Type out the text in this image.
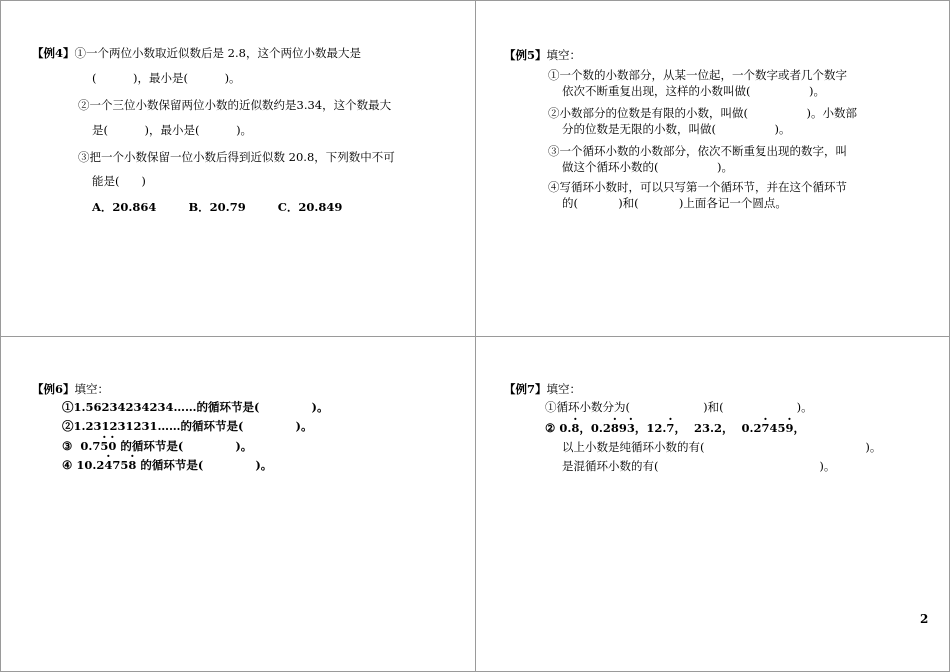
【例4】①一个两位小数取近似数后是 2.8，这个两位小数最大是
(          )，最小是(          )。
②一个三位小数保留两位小数的近似数约是3.34，这个数最大
是(          )，最小是(          )。
③把一个小数保留一位小数后得到近似数 20.8，下列数中不可
能是(      )
A．20.864        B．20.79        C．20.849
【例5】填空：
①一个数的小数部分，从某一位起，一个数字或者几个数字
依次不断重复出现，这样的小数叫做(                )。
②小数部分的位数是有限的小数，叫做(                )。小数部
分的位数是无限的小数，叫做(                )。
③一个循环小数的小数部分，依次不断重复出现的数字，叫
做这个循环小数的(                )。
④写循环小数时，可以只写第一个循环节，并在这个循环节
的(           )和(           )上面各记一个圆点。
【例6】填空：
①1.56234234234……的循环节是(             )。
②1.231231231……的循环节是(             )。
③  0.75 ·0 · 的循环节是(             )。
④ 10.24 ·758 · 的循环节是(             )。
【例7】填空：
①循环小数分为(                    )和(                    )。
② 0.8 ·，0.28 ·93 ·，12.7 ·，  23.2，  0.27 ·459 ·，
以上小数是纯循环小数的有(                                            )。
是混循环小数的有(                                            )。
2
